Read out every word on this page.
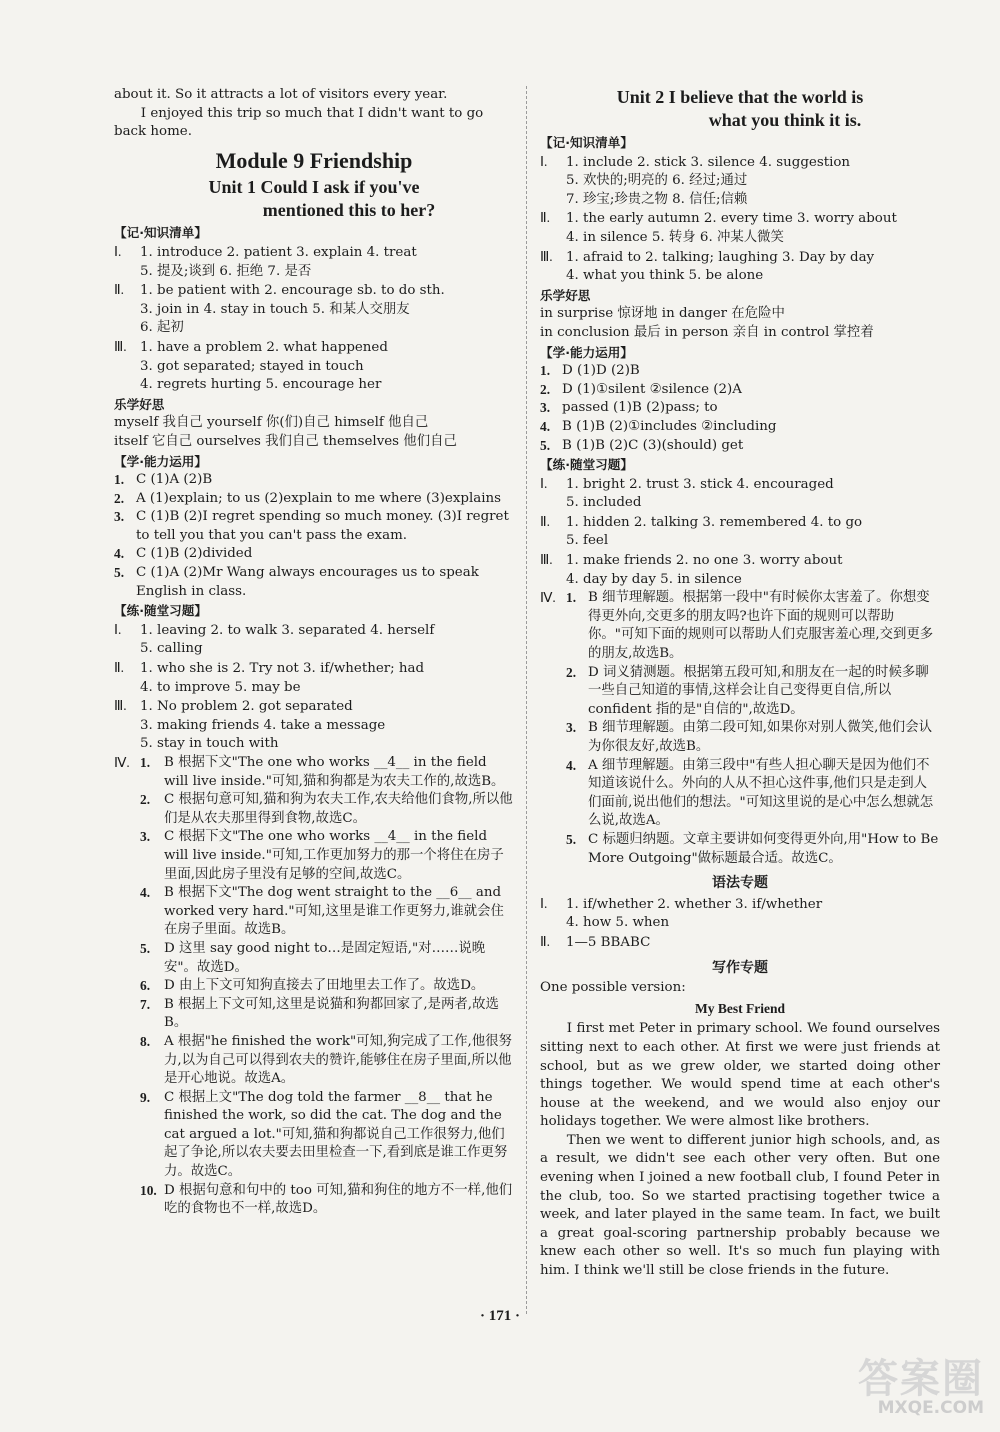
about it. So it attracts a lot of visitors every year.

I enjoyed this trip so much that I didn't want to go back home.

Module 9 Friendship
Unit 1 Could I ask if you've
mentioned this to her?
【记·知识清单】
Ⅰ. 1. introduce 2. patient 3. explain 4. treat
5. 提及;谈到 6. 拒绝 7. 是否
Ⅱ. 1. be patient with 2. encourage sb. to do sth.
3. join in 4. stay in touch 5. 和某人交朋友
6. 起初
Ⅲ. 1. have a problem 2. what happened
3. got separated; stayed in touch
4. regrets hurting 5. encourage her
乐学好思
myself 我自己 yourself 你(们)自己 himself 他自己
itself 它自己 ourselves 我们自己 themselves 他们自己
【学·能力运用】
1. C (1)A (2)B
2. A (1)explain; to us (2)explain to me where (3)explains
3. C (1)B (2)I regret spending so much money. (3)I regret to tell you that you can't pass the exam.
4. C (1)B (2)divided
5. C (1)A (2)Mr Wang always encourages us to speak English in class.
【练·随堂习题】
Ⅰ. 1. leaving 2. to walk 3. separated 4. herself
5. calling
Ⅱ. 1. who she is 2. Try not 3. if/whether; had
4. to improve 5. may be
Ⅲ. 1. No problem 2. got separated
3. making friends 4. take a message
5. stay in touch with
Ⅳ. 1.	B 根据下文"The one who works __4__ in the field will live inside."可知,猫和狗都是为农夫工作的,故选B。
2.	C 根据句意可知,猫和狗为农夫工作,农夫给他们食物,所以他们是从农夫那里得到食物,故选C。
3.	C 根据下文"The one who works __4__ in the field will live inside."可知,工作更加努力的那一个将住在房子里面,因此房子里没有足够的空间,故选C。
4.	B 根据下文"The dog went straight to the __6__ and worked very hard."可知,这里是谁工作更努力,谁就会住在房子里面。故选B。
5.	D 这里 say good night to…是固定短语,"对……说晚安"。故选D。
6.	D 由上下文可知狗直接去了田地里去工作了。故选D。
7.	B 根据上下文可知,这里是说猫和狗都回家了,是两者,故选B。
8.	A 根据"he finished the work"可知,狗完成了工作,他很努力,以为自己可以得到农夫的赞许,能够住在房子里面,所以他是开心地说。故选A。
9.	C 根据上文"The dog told the farmer __8__ that he finished the work, so did the cat. The dog and the cat argued a lot."可知,猫和狗都说自己工作很努力,他们起了争论,所以农夫要去田里检查一下,看到底是谁工作更努力。故选C。
10. D 根据句意和句中的 too 可知,猫和狗住的地方不一样,他们吃的食物也不一样,故选D。
Unit 2 I believe that the world is
what you think it is.
【记·知识清单】
Ⅰ. 1. include 2. stick 3. silence 4. suggestion
5. 欢快的;明亮的 6. 经过;通过
7. 珍宝;珍贵之物 8. 信任;信赖
Ⅱ. 1. the early autumn 2. every time 3. worry about
4. in silence 5. 转身 6. 冲某人微笑
Ⅲ. 1. afraid to 2. talking; laughing 3. Day by day
4. what you think 5. be alone
乐学好思
in surprise 惊讶地 in danger 在危险中
in conclusion 最后 in person 亲自 in control 掌控着
【学·能力运用】
1. D (1)D (2)B
2. D (1)①silent ②silence (2)A
3. passed (1)B (2)pass; to
4. B (1)B (2)①includes ②including
5. B (1)B (2)C (3)(should) get
【练·随堂习题】
Ⅰ. 1. bright 2. trust 3. stick 4. encouraged
5. included
Ⅱ. 1. hidden 2. talking 3. remembered 4. to go
5. feel
Ⅲ. 1. make friends 2. no one 3. worry about
4. day by day 5. in silence
Ⅳ. 1. B 细节理解题。根据第一段中"有时候你太害羞了。你想变得更外向,交更多的朋友吗?也许下面的规则可以帮助你。"可知下面的规则可以帮助人们克服害羞心理,交到更多的朋友,故选B。
2. D 词义猜测题。根据第五段可知,和朋友在一起的时候多聊一些自己知道的事情,这样会让自己变得更自信,所以 confident 指的是"自信的",故选D。
3. B 细节理解题。由第二段可知,如果你对别人微笑,他们会认为你很友好,故选B。
4. A 细节理解题。由第三段中"有些人担心聊天是因为他们不知道该说什么。外向的人从不担心这件事,他们只是走到人们面前,说出他们的想法。"可知这里说的是心中怎么想就怎么说,故选A。
5. C 标题归纳题。文章主要讲如何变得更外向,用"How to Be More Outgoing"做标题最合适。故选C。
语法专题
Ⅰ. 1. if/whether 2. whether 3. if/whether
4. how 5. when
Ⅱ. 1—5 BBABC
写作专题

One possible version:

My Best Friend

I first met Peter in primary school. We found ourselves sitting next to each other. At first we were just friends at school, but as we grew older, we started doing other things together. We would spend time at each other's house at the weekend, and we would also enjoy our holidays together. We were almost like brothers.

Then we went to different junior high schools, and, as a result, we didn't see each other very often. But one evening when I joined a new football club, I found Peter in the club, too. So we started practising together twice a week, and later played in the same team. In fact, we built a great goal-scoring partnership probably because we knew each other so well. It's so much fun playing with him. I think we'll still be close friends in the future.

· 171 ·
答案圈
MXQE.COM
